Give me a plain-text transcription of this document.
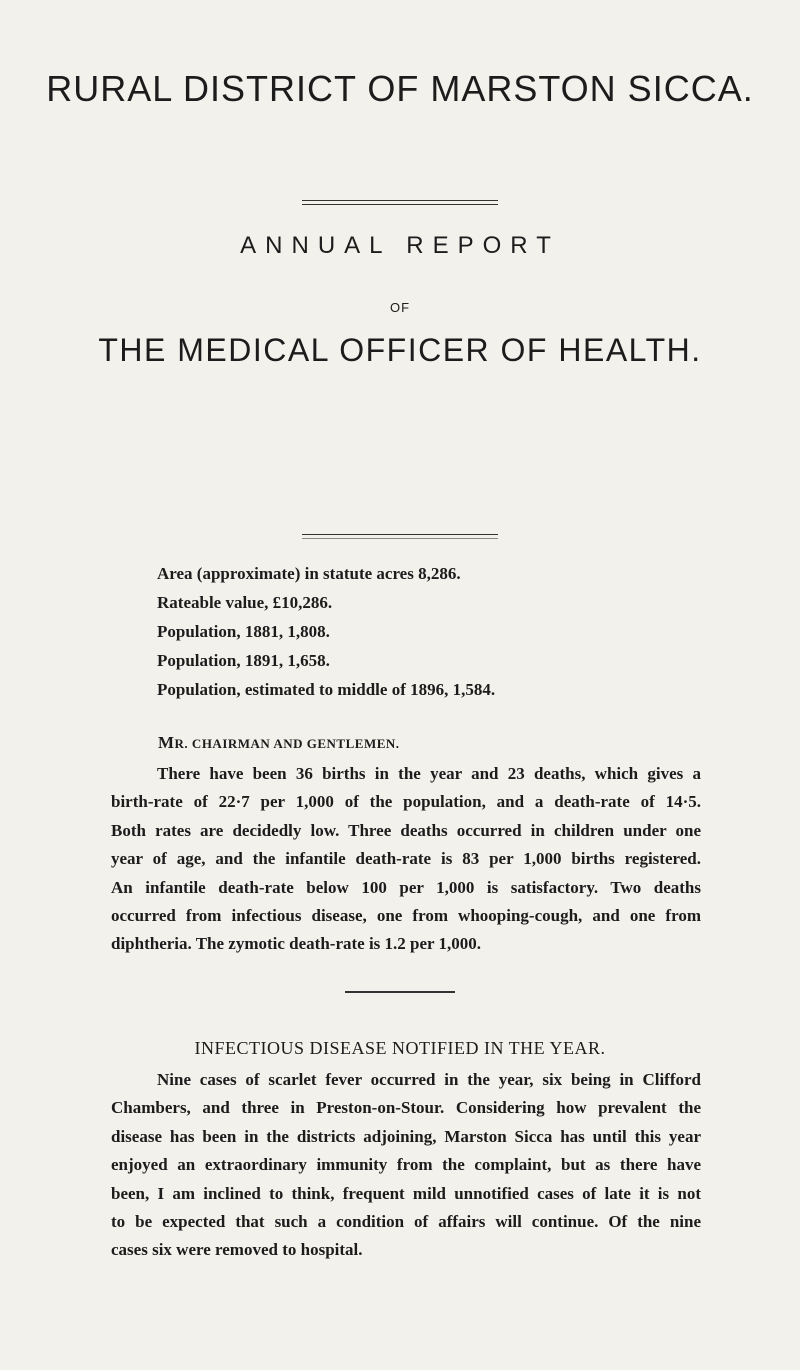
RURAL DISTRICT OF MARSTON SICCA.
ANNUAL REPORT
OF
THE MEDICAL OFFICER OF HEALTH.
Area (approximate) in statute acres 8,286.
Rateable value, £10,286.
Population, 1881, 1,808.
Population, 1891, 1,658.
Population, estimated to middle of 1896, 1,584.
MR. CHAIRMAN AND GENTLEMEN.
There have been 36 births in the year and 23 deaths, which gives a
birth-rate of 22·7 per 1,000 of the population, and a death-rate of 14·5.
Both rates are decidedly low. Three deaths occurred in children under one
year of age, and the infantile death-rate is 83 per 1,000 births registered.
An infantile death-rate below 100 per 1,000 is satisfactory. Two deaths
occurred from infectious disease, one from whooping-cough, and one from
diphtheria. The zymotic death-rate is 1.2 per 1,000.
INFECTIOUS DISEASE NOTIFIED IN THE YEAR.
Nine cases of scarlet fever occurred in the year, six being in Clifford
Chambers, and three in Preston-on-Stour. Considering how prevalent the
disease has been in the districts adjoining, Marston Sicca has until this year
enjoyed an extraordinary immunity from the complaint, but as there have
been, I am inclined to think, frequent mild unnotified cases of late it is not
to be expected that such a condition of affairs will continue. Of the nine
cases six were removed to hospital.
